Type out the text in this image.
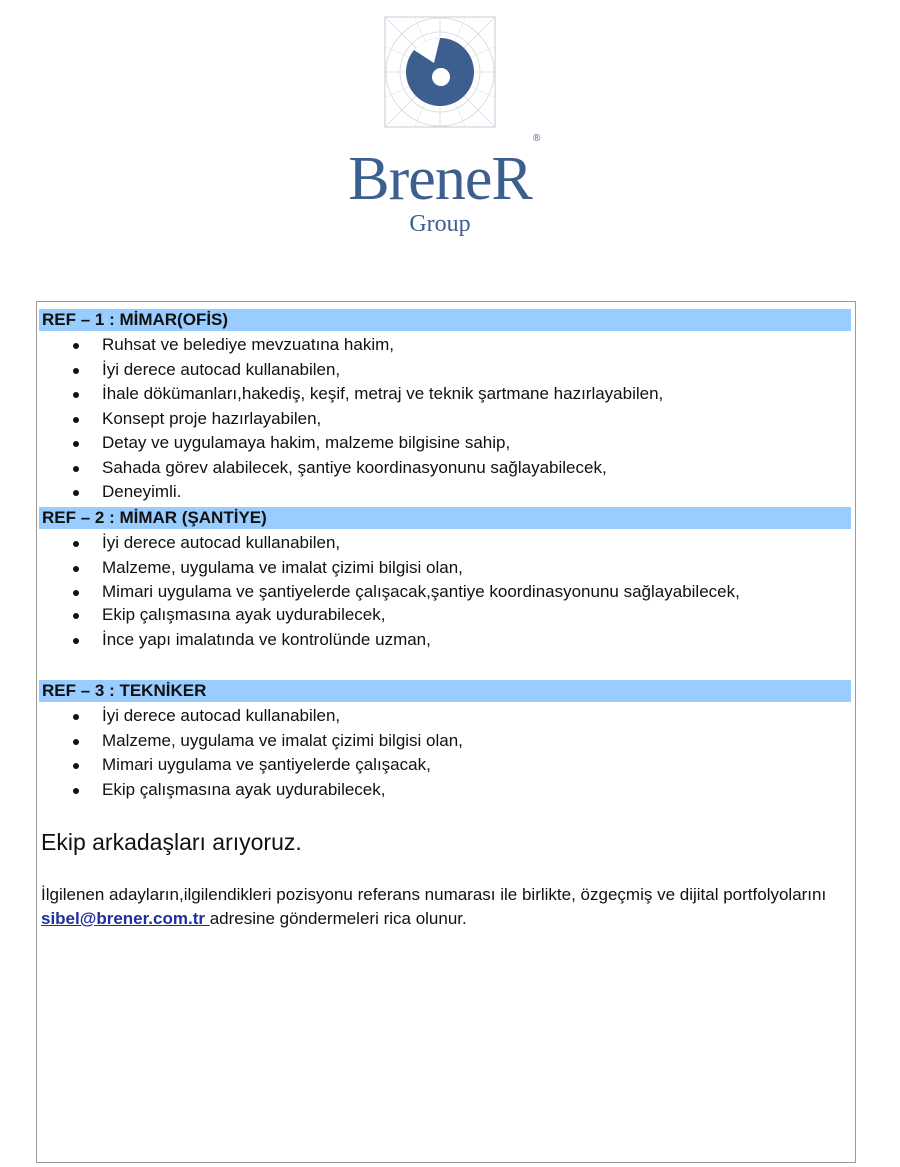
BreneR
®
Group
REF – 1 : MİMAR(OFİS)
Ruhsat ve belediye mevzuatına hakim,
İyi derece autocad kullanabilen,
İhale dökümanları,hakediş, keşif, metraj ve teknik şartmane hazırlayabilen,
Konsept proje hazırlayabilen,
Detay ve uygulamaya hakim, malzeme bilgisine sahip,
Sahada görev alabilecek, şantiye koordinasyonunu sağlayabilecek,
Deneyimli.
REF – 2 : MİMAR (ŞANTİYE)
İyi derece autocad kullanabilen,
Malzeme, uygulama ve imalat çizimi bilgisi olan,
Mimari uygulama ve şantiyelerde çalışacak,şantiye koordinasyonunu sağlayabilecek,
Ekip çalışmasına ayak uydurabilecek,
İnce yapı imalatında ve kontrolünde uzman,
REF – 3 : TEKNİKER
İyi derece autocad kullanabilen,
Malzeme, uygulama ve imalat çizimi bilgisi olan,
Mimari uygulama ve şantiyelerde çalışacak,
Ekip çalışmasına ayak uydurabilecek,
Ekip arkadaşları arıyoruz.
İlgilenen adayların,ilgilendikleri pozisyonu referans numarası ile birlikte, özgeçmiş ve dijital portfolyolarını sibel@brener.com.tr adresine göndermeleri rica olunur.
